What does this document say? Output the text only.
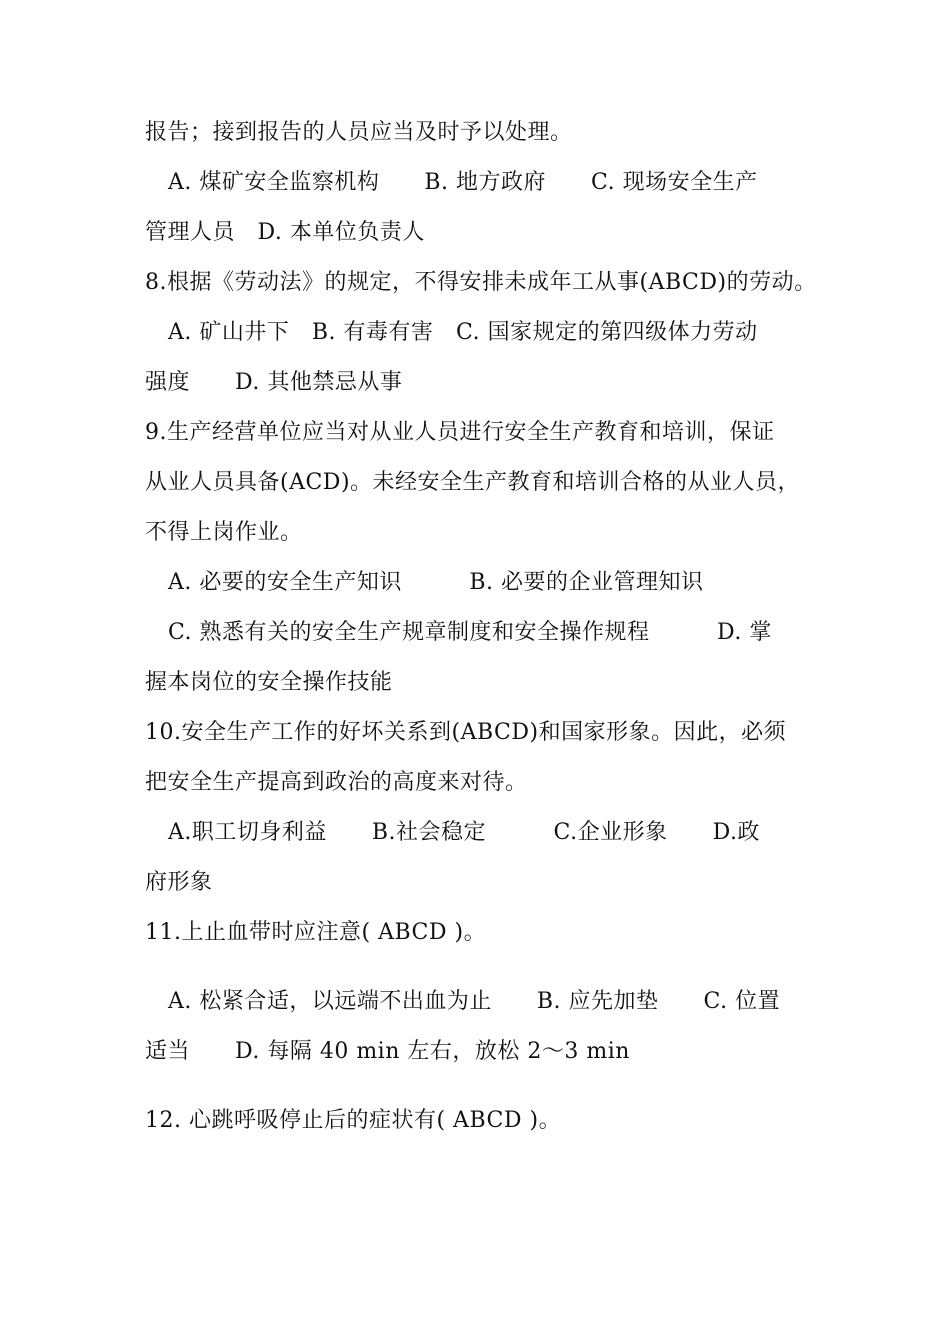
报告；接到报告的人员应当及时予以处理。
A. 煤矿安全监察机构　　B. 地方政府　　C. 现场安全生产
管理人员　D. 本单位负责人
8.根据《劳动法》的规定，不得安排未成年工从事(ABCD)的劳动。
A. 矿山井下　B. 有毒有害　C. 国家规定的第四级体力劳动
强度　　D. 其他禁忌从事
9.生产经营单位应当对从业人员进行安全生产教育和培训，保证
从业人员具备(ACD)。未经安全生产教育和培训合格的从业人员，
不得上岗作业。
A. 必要的安全生产知识　　　B. 必要的企业管理知识
C. 熟悉有关的安全生产规章制度和安全操作规程　　　D. 掌
握本岗位的安全操作技能
10.安全生产工作的好坏关系到(ABCD)和国家形象。因此，必须
把安全生产提高到政治的高度来对待。
A.职工切身利益　　B.社会稳定　　　C.企业形象　　D.政
府形象
11.上止血带时应注意( ABCD )。
A. 松紧合适，以远端不出血为止　　B. 应先加垫　　C. 位置
适当　　D. 每隔 40 min 左右，放松 2～3 min
12. 心跳呼吸停止后的症状有( ABCD )。
